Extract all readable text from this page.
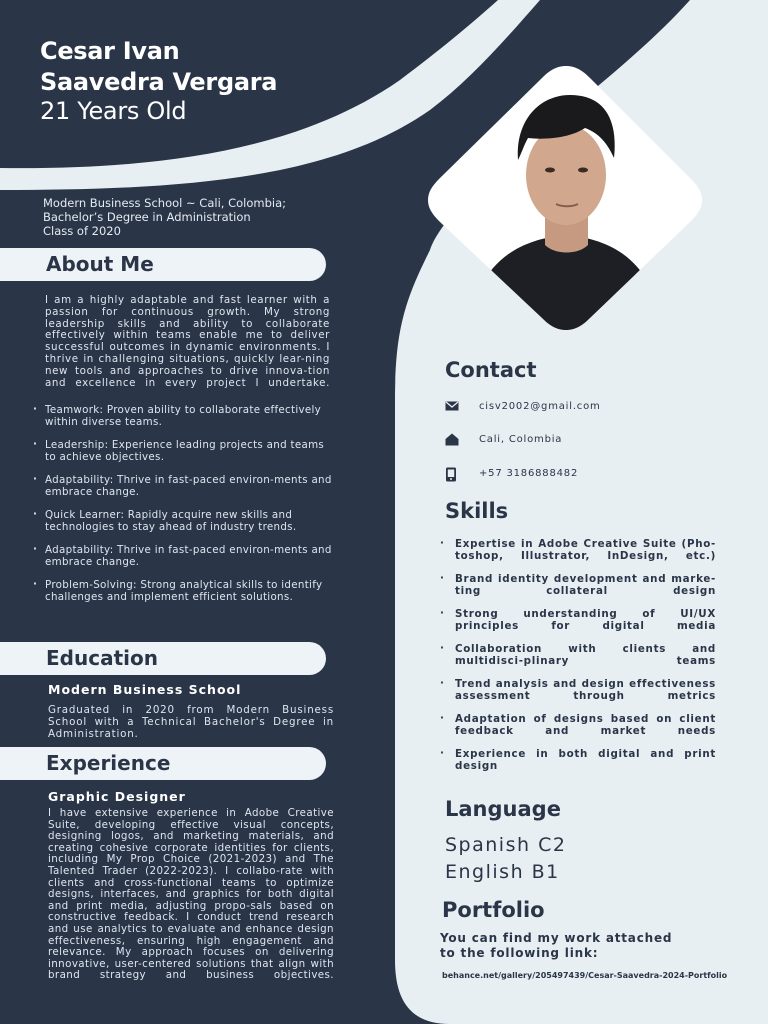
Cesar Ivan
Saavedra Vergara
21 Years Old
Modern Business School ~ Cali, Colombia;
Bachelor’s Degree in Administration
Class of 2020
About Me
I am a highly adaptable and fast learner with a passion for continuous growth. My strong leadership skills and ability to collaborate effectively within teams enable me to deliver successful outcomes in dynamic environments. I thrive in challenging situations, quickly lear-ning new tools and approaches to drive innova-tion and excellence in every project I undertake.
· Teamwork: Proven ability to collaborate effectively within diverse teams.
· Leadership: Experience leading projects and teams to achieve objectives.
· Adaptability: Thrive in fast-paced environ-ments and embrace change.
· Quick Learner: Rapidly acquire new skills and technologies to stay ahead of industry trends.
· Adaptability: Thrive in fast-paced environ-ments and embrace change.
· Problem-Solving: Strong analytical skills to identify challenges and implement efficient solutions.
Education
Modern Business School
Graduated in 2020 from Modern Business School with a Technical Bachelor's Degree in Administration.
Experience
Graphic Designer
I have extensive experience in Adobe Creative Suite, developing effective visual concepts, designing logos, and marketing materials, and creating cohesive corporate identities for clients, including My Prop Choice (2021-2023) and The Talented Trader (2022-2023). I collabo-rate with clients and cross-functional teams to optimize designs, interfaces, and graphics for both digital and print media, adjusting propo-sals based on constructive feedback. I conduct trend research and use analytics to evaluate and enhance design effectiveness, ensuring high engagement and relevance. My approach focuses on delivering innovative, user-centered solutions that align with brand strategy and business objectives.
Contact
cisv2002@gmail.com
Cali, Colombia
+57 3186888482
Skills
· Expertise in Adobe Creative Suite (Pho-toshop, Illustrator, InDesign, etc.)
· Brand identity development and marke-ting collateral design
· Strong understanding of UI/UX principles for digital media
· Collaboration with clients and multidisci-plinary teams
· Trend analysis and design effectiveness assessment through metrics
· Adaptation of designs based on client feedback and market needs
· Experience in both digital and print design
Language
Spanish C2
English B1
Portfolio
You can find my work attached
to the following link:
behance.net/gallery/205497439/Cesar-Saavedra-2024-Portfolio
